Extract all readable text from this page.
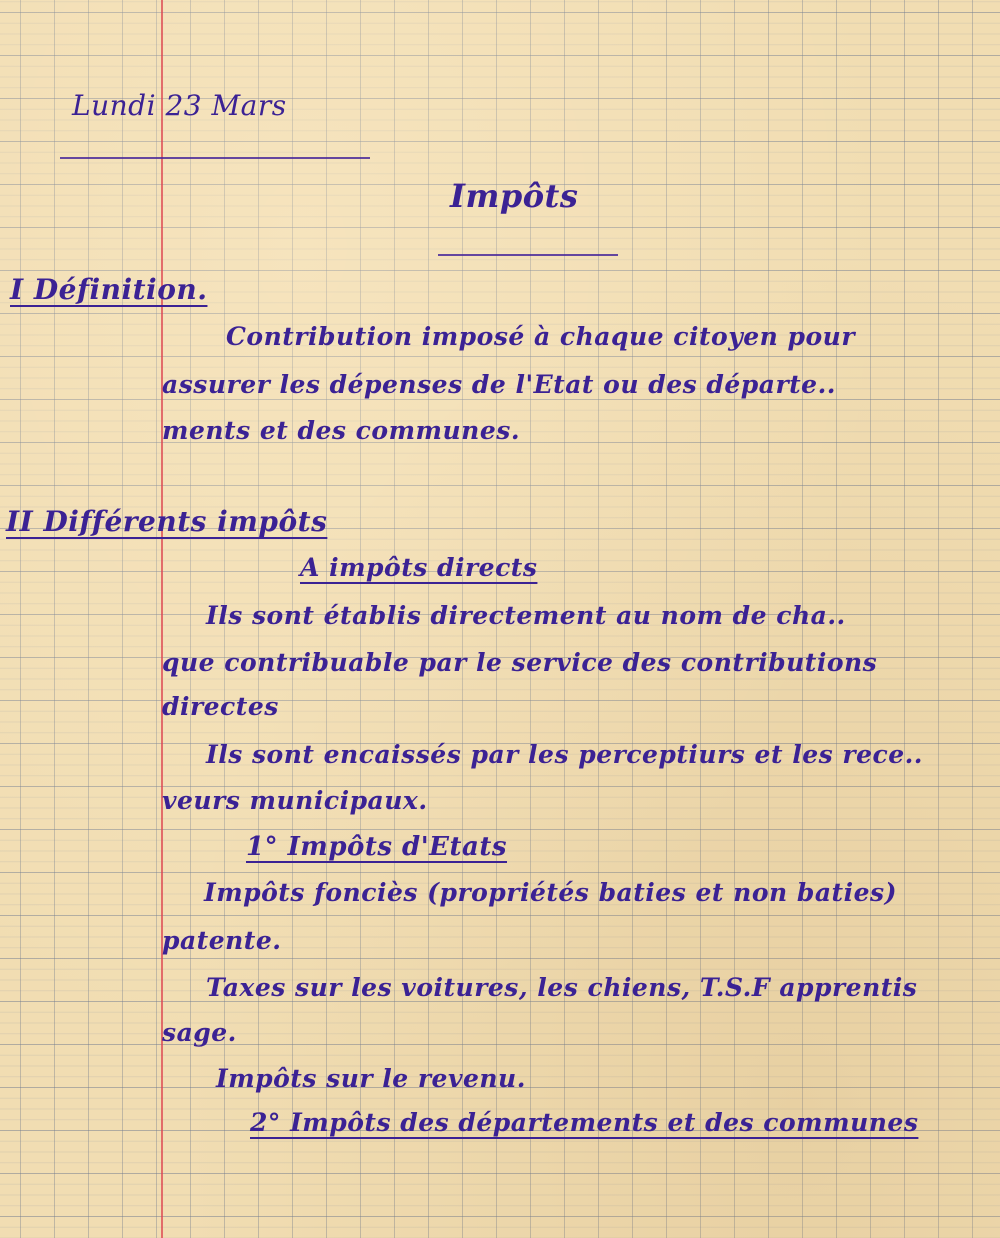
Lundi 23 Mars
Impôts
I Définition.
Contribution imposé à chaque citoyen pour
assurer les dépenses de l'Etat ou des départe..
ments et des communes.
II Différents impôts
A impôts directs
Ils sont établis directement au nom de cha..
que contribuable par le service des contributions
directes
Ils sont encaissés par les perceptiurs et les rece..
veurs municipaux.
1° Impôts d'Etats
Impôts fonciès (propriétés baties et non baties)
patente.
Taxes sur les voitures, les chiens, T.S.F apprentis
sage.
Impôts sur le revenu.
2° Impôts des départements et des communes
